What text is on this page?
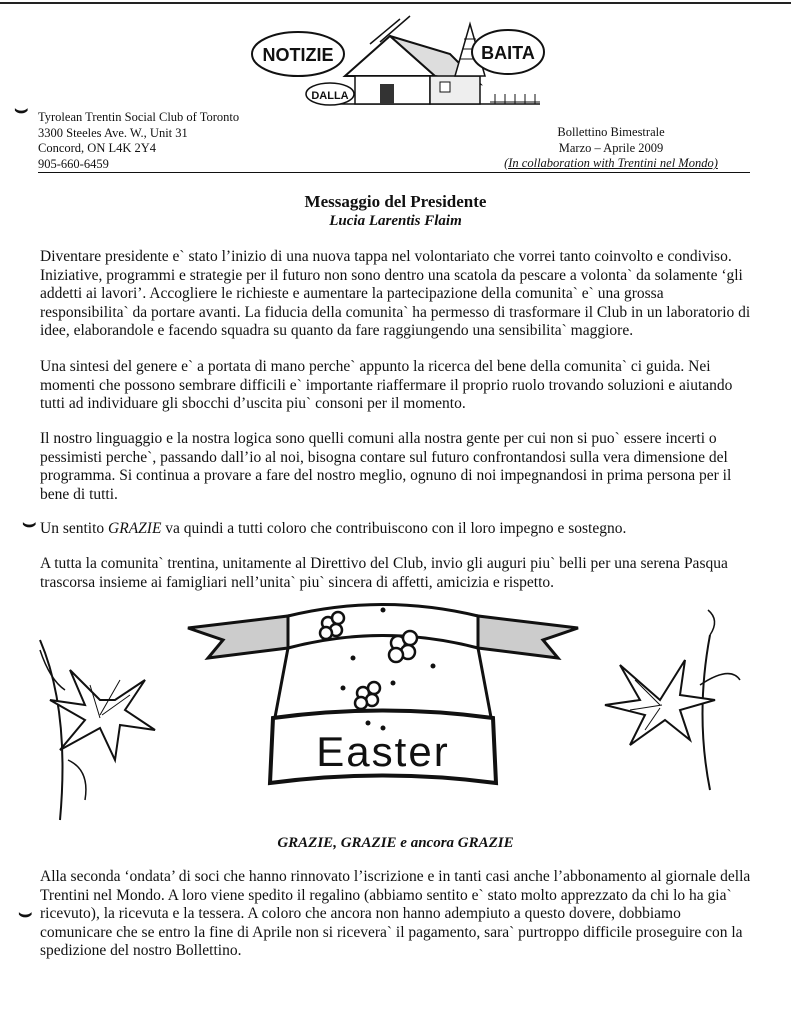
NOTIZIE
DALLA
BAITA
Tyrolean Trentin Social Club of Toronto
3300 Steeles Ave. W., Unit 31
Concord, ON L4K 2Y4
905-660-6459
Bollettino Bimestrale
Marzo – Aprile 2009
(In collaboration with Trentini nel Mondo)
⌣
⌣
⌣
Messaggio del Presidente
Lucia Larentis Flaim
Diventare presidente e` stato l’inizio di una nuova tappa nel volontariato che vorrei tanto coinvolto e condiviso. Iniziative, programmi e strategie per il futuro non sono dentro una scatola da pescare a volonta` da solamente ‘gli addetti ai lavori’. Accogliere le richieste e aumentare la partecipazione della comunita` e` una grossa responsibilita` da portare avanti. La fiducia della comunita` ha permesso di trasformare il Club in un laboratorio di idee, elaborandole e facendo squadra su quanto da fare raggiungendo una sensibilita` maggiore.
Una sintesi del genere e` a portata di mano perche` appunto la ricerca del bene della comunita` ci guida. Nei momenti che possono sembrare difficili e` importante riaffermare il proprio ruolo trovando soluzioni e aiutando tutti ad individuare gli sbocchi d’uscita piu` consoni per il momento.
Il nostro linguaggio e la nostra logica sono quelli comuni alla nostra gente per cui non si puo` essere incerti o pessimisti perche`, passando dall’io al noi, bisogna contare sul futuro confrontandosi sulla vera dimensione del programma. Si continua a provare a fare del nostro meglio, ognuno di noi impegnandosi in prima persona per il bene di tutti.
Un sentito GRAZIE va quindi a tutti coloro che contribuiscono con il loro impegno e sostegno.
A tutta la comunita` trentina, unitamente al Direttivo del Club, invio gli auguri piu` belli per una serena Pasqua trascorsa insieme ai famigliari nell’unita` piu` sincera di affetti, amicizia e rispetto.
Easter
GRAZIE, GRAZIE e ancora GRAZIE
Alla seconda ‘ondata’ di soci che hanno rinnovato l’iscrizione e in tanti casi anche l’abbonamento al giornale della Trentini nel Mondo. A loro viene spedito il regalino (abbiamo sentito e` stato molto apprezzato da chi lo ha gia` ricevuto), la ricevuta e la tessera. A coloro che ancora non hanno adempiuto a questo dovere, dobbiamo comunicare che se entro la fine di Aprile non si ricevera` il pagamento, sara` purtroppo difficile proseguire con la spedizione del nostro Bollettino.
